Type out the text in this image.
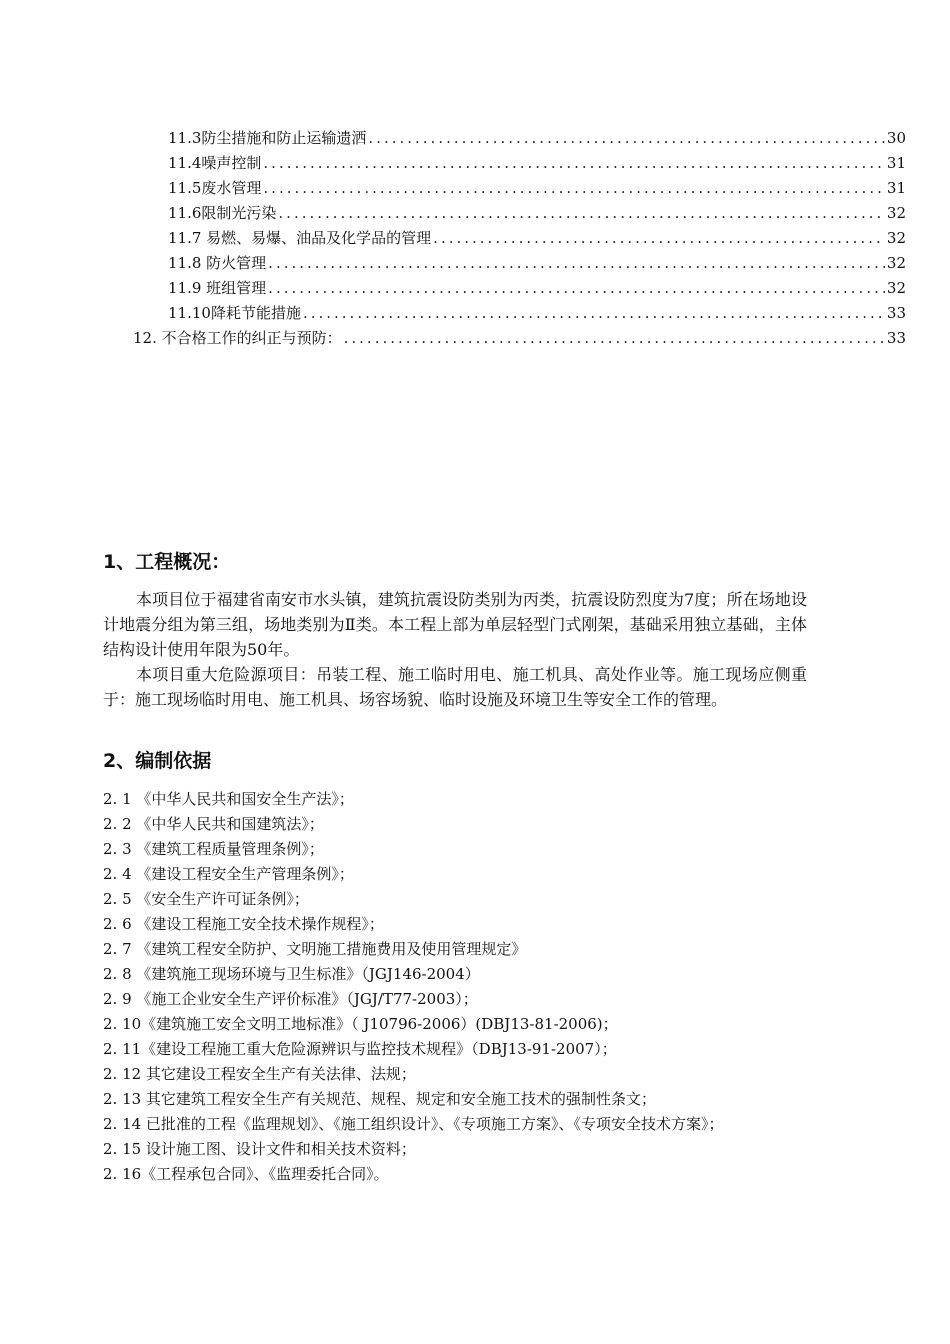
11.3防尘措施和防止运输遗洒 .....	30
11.4噪声控制 .....	31
11.5废水管理 .....	31
11.6限制光污染 .....	32
11.7 易燃、易爆、油品及化学品的管理 .....	32
11.8 防火管理 .....	32
11.9 班组管理 .....	32
11.10降耗节能措施 .....	33
12. 不合格工作的纠正与预防： .....	33
1、工程概况：

本项目位于福建省南安市水头镇，建筑抗震设防类别为丙类，抗震设防烈度为7度；所在场地设计地震分组为第三组，场地类别为Ⅱ类。本工程上部为单层轻型门式刚架，基础采用独立基础，主体结构设计使用年限为50年。

本项目重大危险源项目：吊装工程、施工临时用电、施工机具、高处作业等。施工现场应侧重于：施工现场临时用电、施工机具、场容场貌、临时设施及环境卫生等安全工作的管理。

2、编制依据
2. 1 《中华人民共和国安全生产法》；
2. 2 《中华人民共和国建筑法》；
2. 3 《建筑工程质量管理条例》；
2. 4 《建设工程安全生产管理条例》；
2. 5 《安全生产许可证条例》；
2. 6 《建设工程施工安全技术操作规程》；
2. 7 《建筑工程安全防护、文明施工措施费用及使用管理规定》
2. 8 《建筑施工现场环境与卫生标准》（JGJ146-2004）
2. 9 《施工企业安全生产评价标准》（JGJ/T77-2003）；
2. 10《建筑施工安全文明工地标准》（ J10796-2006）(DBJ13-81-2006)；
2. 11《建设工程施工重大危险源辨识与监控技术规程》（DBJ13-91-2007）；
2. 12 其它建设工程安全生产有关法律、法规；
2. 13 其它建筑工程安全生产有关规范、规程、规定和安全施工技术的强制性条文；
2. 14 已批准的工程《监理规划》、《施工组织设计》、《专项施工方案》、《专项安全技术方案》；
2. 15 设计施工图、设计文件和相关技术资料；
2. 16《工程承包合同》、《监理委托合同》。
